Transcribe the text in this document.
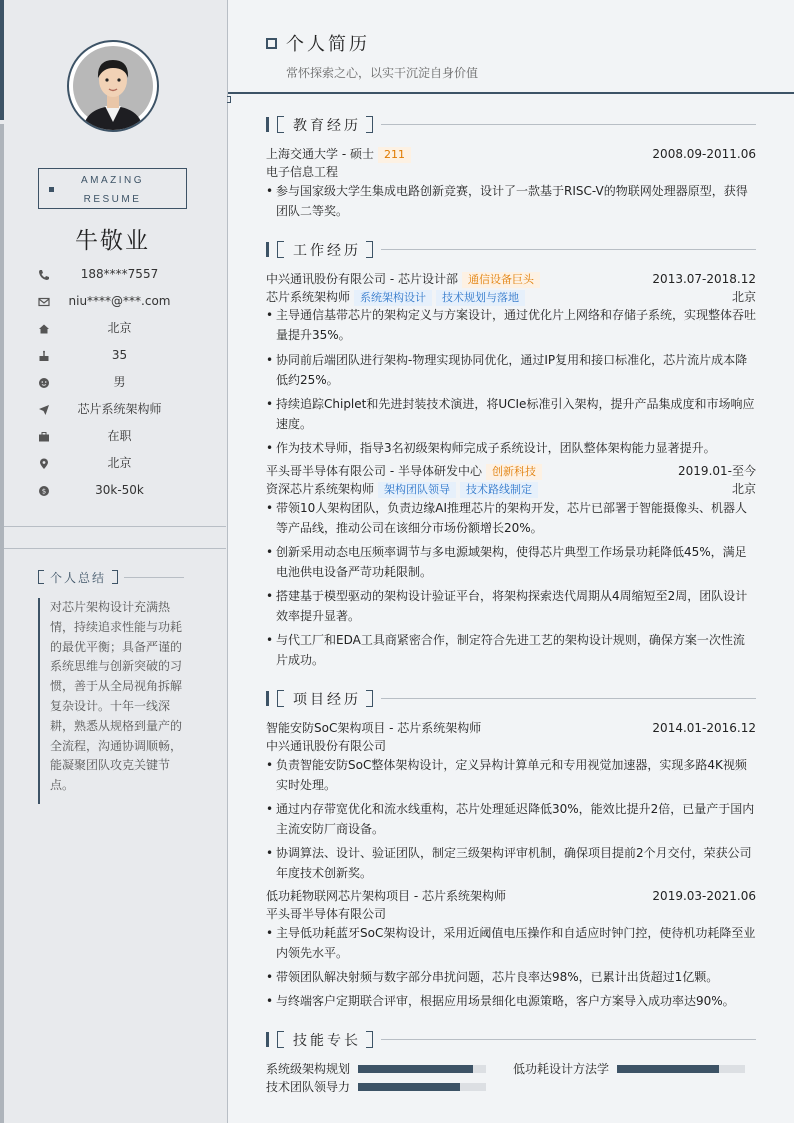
AMAZING
RESUME
牛敬业
188****7557
niu****@***.com
北京
35
男
芯片系统架构师
在职
北京
$	30k-50k
个人总结
对芯片架构设计充满热情，持续追求性能与功耗的最优平衡；具备严谨的系统思维与创新突破的习惯，善于从全局视角拆解复杂设计。十年一线深耕，熟悉从规格到量产的全流程，沟通协调顺畅，能凝聚团队攻克关键节点。
个人简历
常怀探索之心，以实干沉淀自身价值
教育经历
上海交通大学 - 硕士 211	2008.09-2011.06
电子信息工程
• 参与国家级大学生集成电路创新竞赛，设计了一款基于RISC-V的物联网处理器原型，获得团队二等奖。
工作经历
中兴通讯股份有限公司 - 芯片设计部 通信设备巨头	2013.07-2018.12
芯片系统架构师 系统架构设计 技术规划与落地	北京
• 主导通信基带芯片的架构定义与方案设计，通过优化片上网络和存储子系统，实现整体吞吐量提升35%。
• 协同前后端团队进行架构-物理实现协同优化，通过IP复用和接口标准化，芯片流片成本降低约25%。
• 持续追踪Chiplet和先进封装技术演进，将UCIe标准引入架构，提升产品集成度和市场响应速度。
• 作为技术导师，指导3名初级架构师完成子系统设计，团队整体架构能力显著提升。
平头哥半导体有限公司 - 半导体研发中心 创新科技	2019.01-至今
资深芯片系统架构师 架构团队领导 技术路线制定	北京
• 带领10人架构团队，负责边缘AI推理芯片的架构开发，芯片已部署于智能摄像头、机器人等产品线，推动公司在该细分市场份额增长20%。
• 创新采用动态电压频率调节与多电源域架构，使得芯片典型工作场景功耗降低45%，满足电池供电设备严苛功耗限制。
• 搭建基于模型驱动的架构设计验证平台，将架构探索迭代周期从4周缩短至2周，团队设计效率提升显著。
• 与代工厂和EDA工具商紧密合作，制定符合先进工艺的架构设计规则，确保方案一次性流片成功。
项目经历
智能安防SoC架构项目 - 芯片系统架构师	2014.01-2016.12
中兴通讯股份有限公司
• 负责智能安防SoC整体架构设计，定义异构计算单元和专用视觉加速器，实现多路4K视频实时处理。
• 通过内存带宽优化和流水线重构，芯片处理延迟降低30%，能效比提升2倍，已量产于国内主流安防厂商设备。
• 协调算法、设计、验证团队，制定三级架构评审机制，确保项目提前2个月交付，荣获公司年度技术创新奖。
低功耗物联网芯片架构项目 - 芯片系统架构师	2019.03-2021.06
平头哥半导体有限公司
• 主导低功耗蓝牙SoC架构设计，采用近阈值电压操作和自适应时钟门控，使待机功耗降至业内领先水平。
• 带领团队解决射频与数字部分串扰问题，芯片良率达98%，已累计出货超过1亿颗。
• 与终端客户定期联合评审，根据应用场景细化电源策略，客户方案导入成功率达90%。
技能专长
系统级架构规划	低功耗设计方法学
技术团队领导力
